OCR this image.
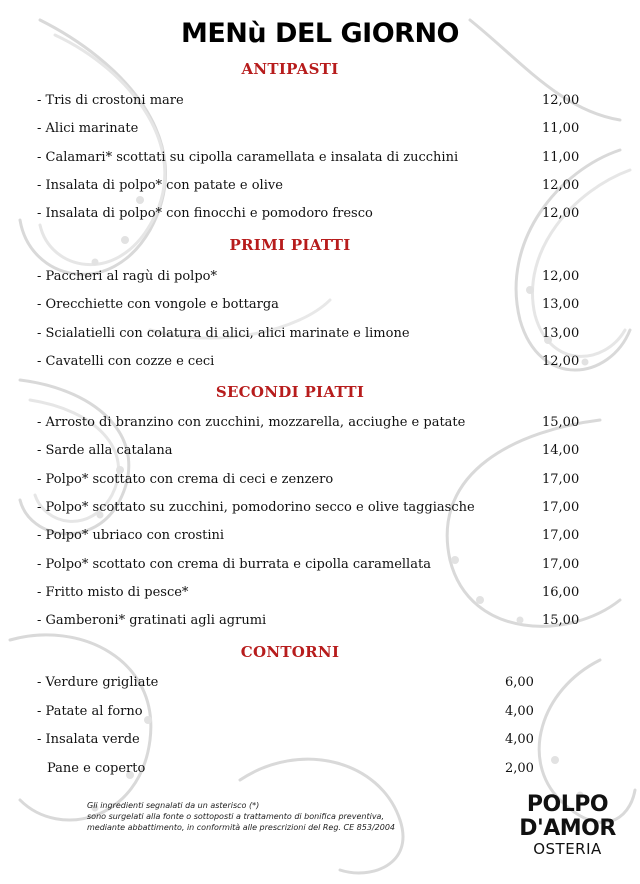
MENù DEL GIORNO
ANTIPASTI
- Tris di crostoni mare	12,00
- Alici marinate	11,00
- Calamari* scottati su cipolla caramellata e insalata di zucchini	11,00
- Insalata di polpo* con patate e olive	12,00
- Insalata di polpo* con finocchi e pomodoro fresco	12,00
PRIMI PIATTI
- Paccheri al ragù di polpo*	12,00
- Orecchiette con vongole e bottarga	13,00
- Scialatielli con colatura di alici, alici marinate e limone	13,00
- Cavatelli con cozze e ceci	12,00
SECONDI PIATTI
- Arrosto di branzino con zucchini, mozzarella, acciughe e patate	15,00
- Sarde alla catalana	14,00
- Polpo* scottato con crema di ceci e zenzero	17,00
- Polpo* scottato su zucchini, pomodorino secco e olive taggiasche	17,00
- Polpo* ubriaco con crostini	17,00
- Polpo* scottato con crema di burrata e cipolla caramellata	17,00
- Fritto misto di pesce*	16,00
- Gamberoni* gratinati agli agrumi	15,00
CONTORNI
- Verdure grigliate	6,00
- Patate al forno	4,00
- Insalata verde	4,00
Pane e coperto	2,00
Gli ingredienti segnalati da un asterisco (*)
sono surgelati alla fonte o sottoposti a trattamento di bonifica preventiva,
mediante abbattimento, in conformità alle prescrizioni del Reg. CE 853/2004
POLPO
D'AMOR
OSTERIA
